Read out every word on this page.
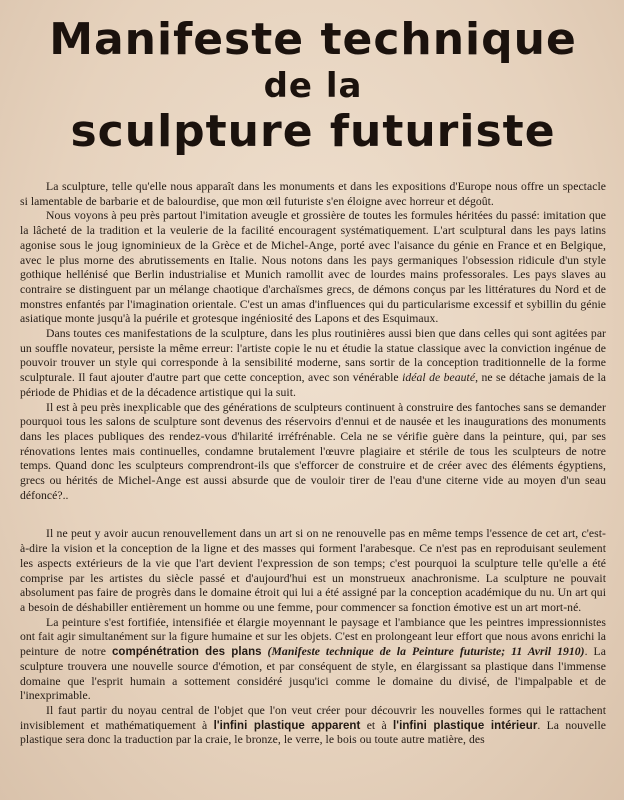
Manifeste technique
de la
sculpture futuriste

La sculpture, telle qu'elle nous apparaît dans les monuments et dans les expositions d'Europe nous offre un spectacle si lamentable de barbarie et de balourdise, que mon œil futuriste s'en éloigne avec horreur et dégoût.

Nous voyons à peu près partout l'imitation aveugle et grossière de toutes les formules héritées du passé: imitation que la lâcheté de la tradition et la veulerie de la facilité encouragent systématiquement. L'art sculptural dans les pays latins agonise sous le joug ignominieux de la Grèce et de Michel-Ange, porté avec l'aisance du génie en France et en Belgique, avec le plus morne des abrutissements en Italie. Nous notons dans les pays germaniques l'obsession ridicule d'un style gothique hellénisé que Berlin industrialise et Munich ramollit avec de lourdes mains professorales. Les pays slaves au contraire se distinguent par un mélange chaotique d'archaïsmes grecs, de démons conçus par les littératures du Nord et de monstres enfantés par l'imagination orientale. C'est un amas d'influences qui du particularisme excessif et sybillin du génie asiatique monte jusqu'à la puérile et grotesque ingéniosité des Lapons et des Esquimaux.

Dans toutes ces manifestations de la sculpture, dans les plus routinières aussi bien que dans celles qui sont agitées par un souffle novateur, persiste la même erreur: l'artiste copie le nu et étudie la statue classique avec la conviction ingénue de pouvoir trouver un style qui corresponde à la sensibilité moderne, sans sortir de la conception traditionnelle de la forme sculpturale. Il faut ajouter d'autre part que cette conception, avec son vénérable idéal de beauté, ne se détache jamais de la période de Phidias et de la décadence artistique qui la suit.

Il est à peu près inexplicable que des générations de sculpteurs continuent à construire des fantoches sans se demander pourquoi tous les salons de sculpture sont devenus des réservoirs d'ennui et de nausée et les inaugurations des monuments dans les places publiques des rendez-vous d'hilarité irréfrénable. Cela ne se vérifie guère dans la peinture, qui, par ses rénovations lentes mais continuelles, condamne brutalement l'œuvre plagiaire et stérile de tous les sculpteurs de notre temps. Quand donc les sculpteurs comprendront-ils que s'efforcer de construire et de créer avec des éléments égyptiens, grecs ou hérités de Michel-Ange est aussi absurde que de vouloir tirer de l'eau d'une citerne vide au moyen d'un seau défoncé?..

Il ne peut y avoir aucun renouvellement dans un art si on ne renouvelle pas en même temps l'essence de cet art, c'est-à-dire la vision et la conception de la ligne et des masses qui forment l'arabesque. Ce n'est pas en reproduisant seulement les aspects extérieurs de la vie que l'art devient l'expression de son temps; c'est pourquoi la sculpture telle qu'elle a été comprise par les artistes du siècle passé et d'aujourd'hui est un monstrueux anachronisme. La sculpture ne pouvait absolument pas faire de progrès dans le domaine étroit qui lui a été assigné par la conception académique du nu. Un art qui a besoin de déshabiller entièrement un homme ou une femme, pour commencer sa fonction émotive est un art mort-né.

La peinture s'est fortifiée, intensifiée et élargie moyennant le paysage et l'ambiance que les peintres impressionnistes ont fait agir simultanément sur la figure humaine et sur les objets. C'est en prolongeant leur effort que nous avons enrichi la peinture de notre compénétration des plans (Manifeste technique de la Peinture futuriste; 11 Avril 1910). La sculpture trouvera une nouvelle source d'émotion, et par conséquent de style, en élargissant sa plastique dans l'immense domaine que l'esprit humain a sottement considéré jusqu'ici comme le domaine du divisé, de l'impalpable et de l'inexprimable.

Il faut partir du noyau central de l'objet que l'on veut créer pour découvrir les nouvelles formes qui le rattachent invisiblement et mathématiquement à l'infini plastique apparent et à l'infini plastique intérieur. La nouvelle plastique sera donc la traduction par la craie, le bronze, le verre, le bois ou toute autre matière, des
